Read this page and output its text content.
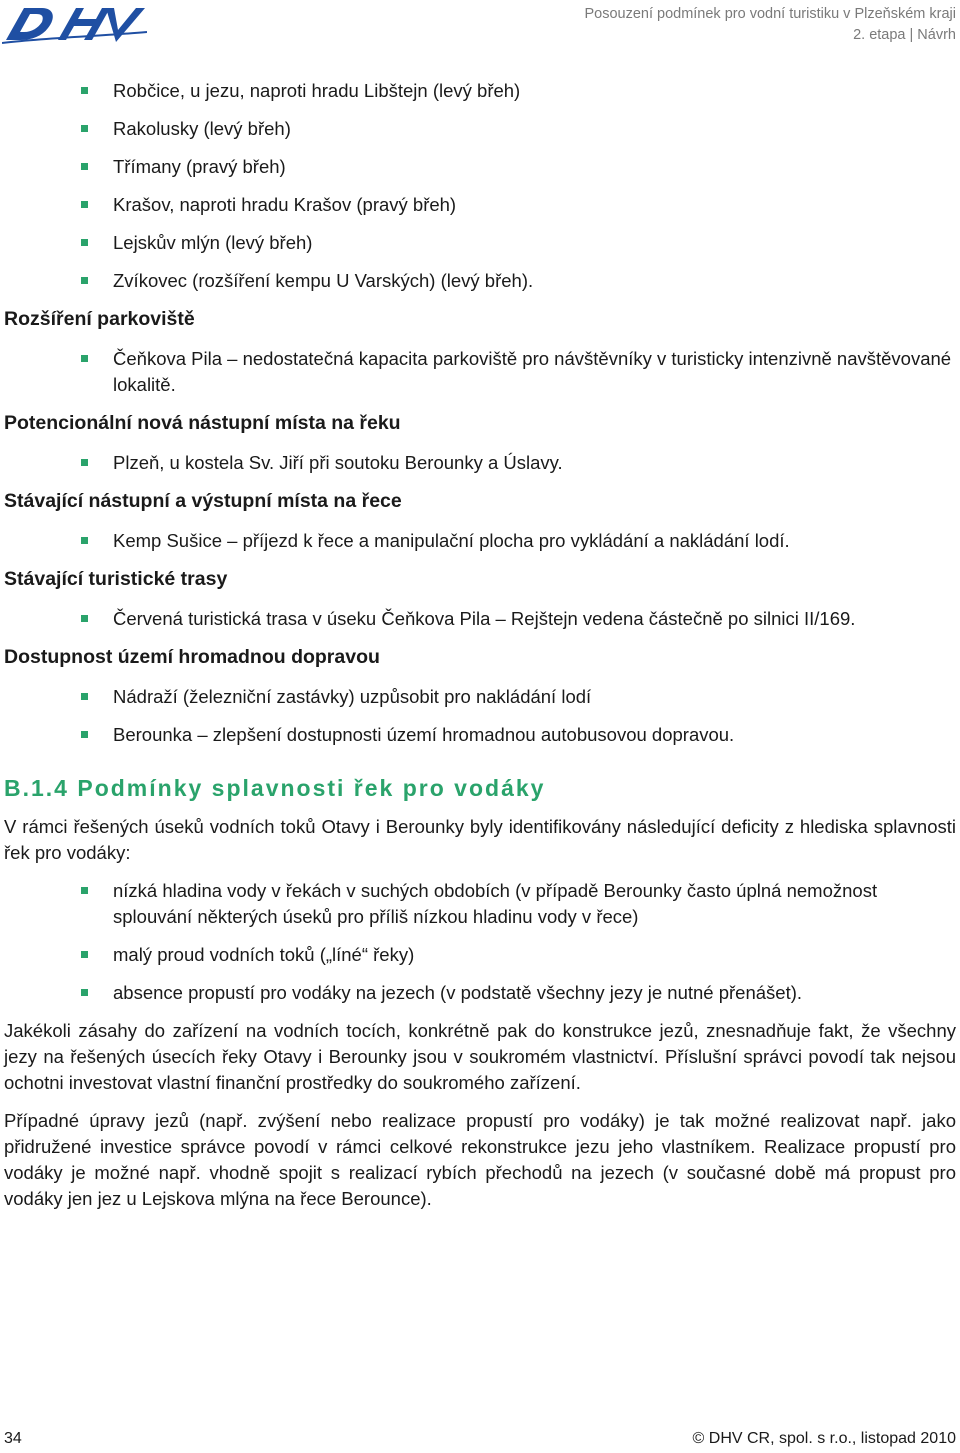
Posouzení podmínek pro vodní turistiku v Plzeňském kraji
2. etapa | Návrh
Robčice, u jezu, naproti hradu Libštejn (levý břeh)
Rakolusky (levý břeh)
Třímany (pravý břeh)
Krašov, naproti hradu Krašov (pravý břeh)
Lejskův mlýn (levý břeh)
Zvíkovec (rozšíření kempu U Varských) (levý břeh).
Rozšíření parkoviště
Čeňkova Pila – nedostatečná kapacita parkoviště pro návštěvníky v turisticky intenzivně navštěvované lokalitě.
Potencionální nová nástupní místa na řeku
Plzeň, u kostela Sv. Jiří při soutoku Berounky a Úslavy.
Stávající nástupní a výstupní místa na řece
Kemp Sušice – příjezd k řece a manipulační plocha pro vykládání a nakládání lodí.
Stávající turistické trasy
Červená turistická trasa v úseku Čeňkova Pila – Rejštejn vedena částečně po silnici II/169.
Dostupnost území hromadnou dopravou
Nádraží (železniční zastávky) uzpůsobit pro nakládání lodí
Berounka – zlepšení dostupnosti území hromadnou autobusovou dopravou.
B.1.4 Podmínky splavnosti řek pro vodáky

V rámci řešených úseků vodních toků Otavy i Berounky byly identifikovány následující deficity z hlediska splavnosti řek pro vodáky:

nízká hladina vody v řekách v suchých obdobích (v případě Berounky často úplná nemožnost splouvání některých úseků pro příliš nízkou hladinu vody v řece)
malý proud vodních toků („líné“ řeky)
absence propustí pro vodáky na jezech (v podstatě všechny jezy je nutné přenášet).

Jakékoli zásahy do zařízení na vodních tocích, konkrétně pak do konstrukce jezů, znesnadňuje fakt, že všechny jezy na řešených úsecích řeky Otavy i Berounky jsou v soukromém vlastnictví. Příslušní správci povodí tak nejsou ochotni investovat vlastní finanční prostředky do soukromého zařízení.

Případné úpravy jezů (např. zvýšení nebo realizace propustí pro vodáky) je tak možné realizovat např. jako přidružené investice správce povodí v rámci celkové rekonstrukce jezu jeho vlastníkem. Realizace propustí pro vodáky je možné např. vhodně spojit s realizací rybích přechodů na jezech (v současné době má propust pro vodáky jen jez u Lejskova mlýna na řece Berounce).

34	© DHV CR, spol. s r.o., listopad 2010
